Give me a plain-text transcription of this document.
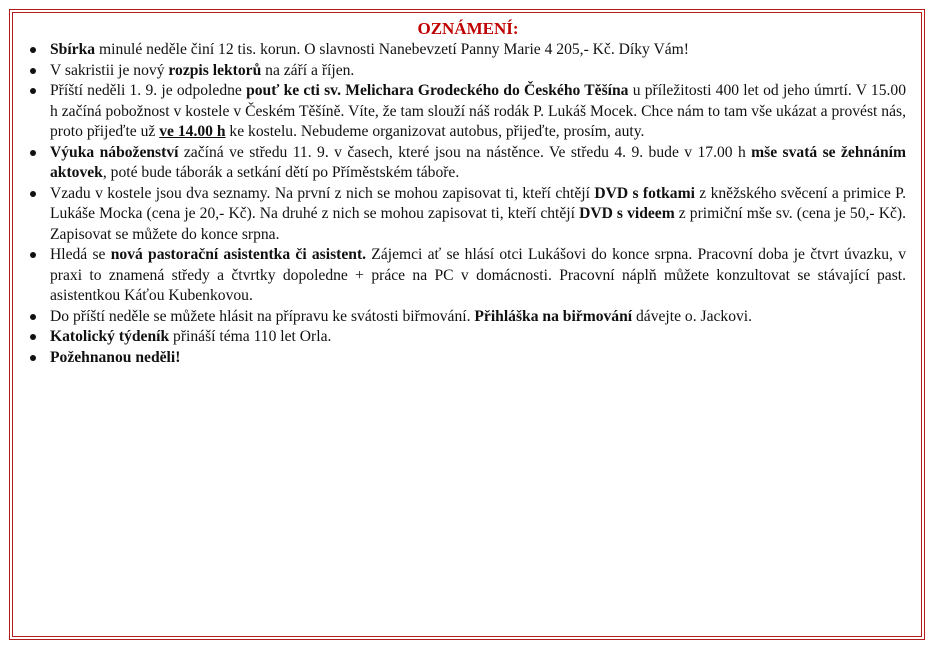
OZNÁMENÍ:
Sbírka minulé neděle činí 12 tis. korun. O slavnosti Nanebevzetí Panny Marie 4 205,- Kč. Díky Vám!
V sakristii je nový rozpis lektorů na září a říjen.
Příští neděli 1. 9. je odpoledne pouť ke cti sv. Melichara Grodeckého do Českého Těšína u příležitosti 400 let od jeho úmrtí. V 15.00 h začíná pobožnost v kostele v Českém Těšíně. Víte, že tam slouží náš rodák P. Lukáš Mocek. Chce nám to tam vše ukázat a provést nás, proto přijeďte už ve 14.00 h ke kostelu. Nebudeme organizovat autobus, přijeďte, prosím, auty.
Výuka náboženství začíná ve středu 11. 9. v časech, které jsou na nástěnce. Ve středu 4. 9. bude v 17.00 h mše svatá se žehnáním aktovek, poté bude táborák a setkání dětí po Příměstském táboře.
Vzadu v kostele jsou dva seznamy. Na první z nich se mohou zapisovat ti, kteří chtějí DVD s fotkami z kněžského svěcení a primice P. Lukáše Mocka (cena je 20,- Kč). Na druhé z nich se mohou zapisovat ti, kteří chtějí DVD s videem z primiční mše sv. (cena je 50,- Kč). Zapisovat se můžete do konce srpna.
Hledá se nová pastorační asistentka či asistent. Zájemci ať se hlásí otci Lukášovi do konce srpna. Pracovní doba je čtvrt úvazku, v praxi to znamená středy a čtvrtky dopoledne + práce na PC v domácnosti. Pracovní náplň můžete konzultovat se stávající past. asistentkou Káťou Kubenkovou.
Do příští neděle se můžete hlásit na přípravu ke svátosti biřmování. Přihláška na biřmování dávejte o. Jackovi.
Katolický týdeník přináší téma 110 let Orla.
Požehnanou neděli!
